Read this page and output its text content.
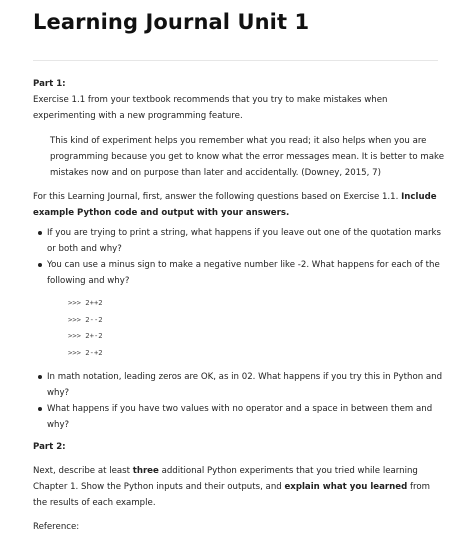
Learning Journal Unit 1

Part 1:

Exercise 1.1 from your textbook recommends that you try to make mistakes when experimenting with a new programming feature.

This kind of experiment helps you remember what you read; it also helps when you are programming because you get to know what the error messages mean. It is better to make mistakes now and on purpose than later and accidentally. (Downey, 2015, 7)

For this Learning Journal, first, answer the following questions based on Exercise 1.1. Include example Python code and output with your answers.

If you are trying to print a string, what happens if you leave out one of the quotation marks or both and why?
You can use a minus sign to make a negative number like -2. What happens for each of the following and why?
>>> 2++2
>>> 2--2
>>> 2+-2
>>> 2-+2
In math notation, leading zeros are OK, as in 02. What happens if you try this in Python and why?
What happens if you have two values with no operator and a space in between them and why?

Part 2:

Next, describe at least three additional Python experiments that you tried while learning Chapter 1. Show the Python inputs and their outputs, and explain what you learned from the results of each example.

Reference:
